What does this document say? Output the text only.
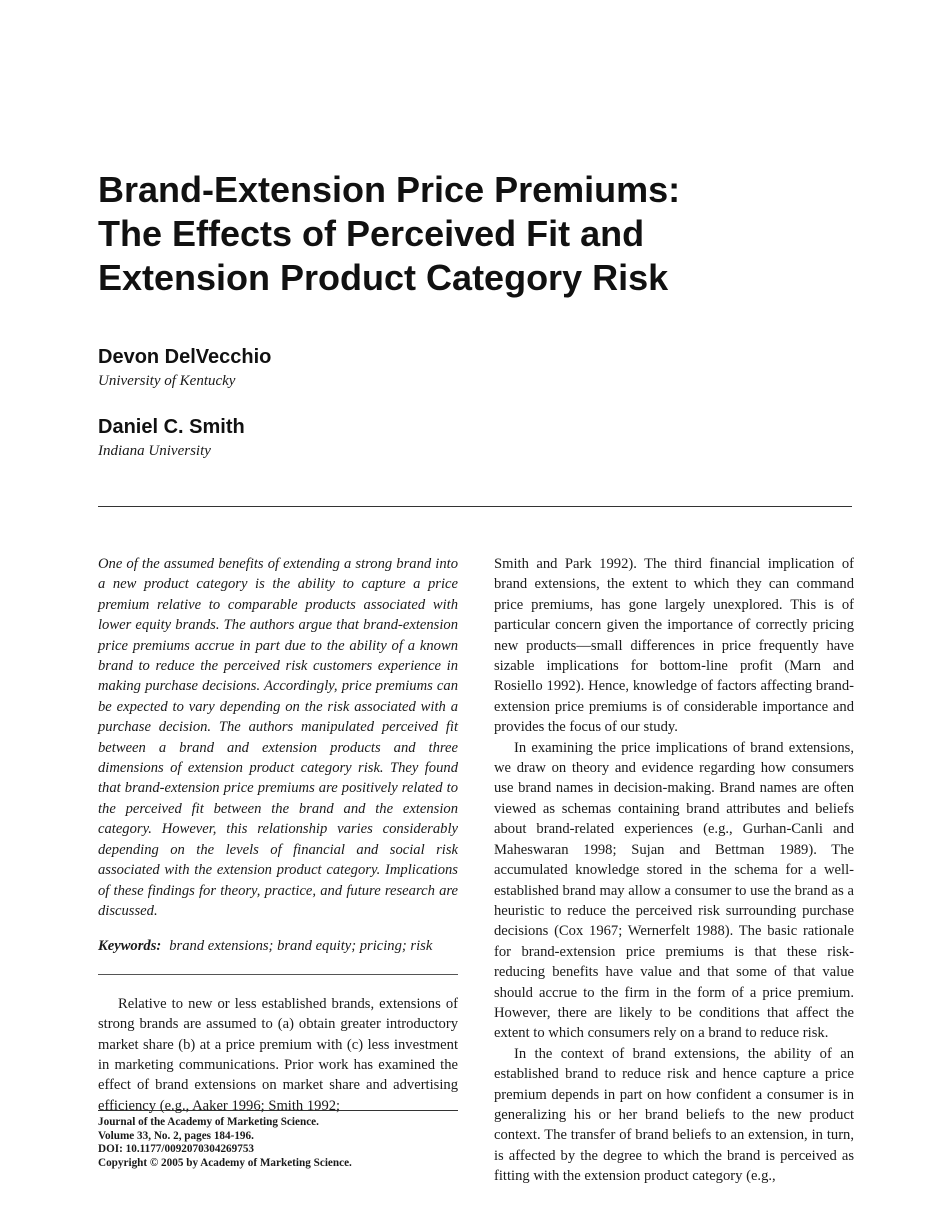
Brand-Extension Price Premiums:
The Effects of Perceived Fit and
Extension Product Category Risk
Devon DelVecchio
University of Kentucky
Daniel C. Smith
Indiana University

One of the assumed benefits of extending a strong brand into a new product category is the ability to capture a price premium relative to comparable products associated with lower equity brands. The authors argue that brand-extension price premiums accrue in part due to the ability of a known brand to reduce the perceived risk customers experience in making purchase decisions. Accordingly, price premiums can be expected to vary depending on the risk associated with a purchase decision. The authors manipulated perceived fit between a brand and extension products and three dimensions of extension product category risk. They found that brand-extension price premiums are positively related to the perceived fit between the brand and the extension category. However, this relationship varies considerably depending on the levels of financial and social risk associated with the extension product category. Implications of these findings for theory, practice, and future research are discussed.

Keywords: brand extensions; brand equity; pricing; risk

Relative to new or less established brands, extensions of strong brands are assumed to (a) obtain greater introductory market share (b) at a price premium with (c) less investment in marketing communications. Prior work has examined the effect of brand extensions on market share and advertising efficiency (e.g., Aaker 1996; Smith 1992;

Smith and Park 1992). The third financial implication of brand extensions, the extent to which they can command price premiums, has gone largely unexplored. This is of particular concern given the importance of correctly pricing new products—small differences in price frequently have sizable implications for bottom-line profit (Marn and Rosiello 1992). Hence, knowledge of factors affecting brand-extension price premiums is of considerable importance and provides the focus of our study.

In examining the price implications of brand extensions, we draw on theory and evidence regarding how consumers use brand names in decision-making. Brand names are often viewed as schemas containing brand attributes and beliefs about brand-related experiences (e.g., Gurhan-Canli and Maheswaran 1998; Sujan and Bettman 1989). The accumulated knowledge stored in the schema for a well-established brand may allow a consumer to use the brand as a heuristic to reduce the perceived risk surrounding purchase decisions (Cox 1967; Wernerfelt 1988). The basic rationale for brand-extension price premiums is that these risk-reducing benefits have value and that some of that value should accrue to the firm in the form of a price premium. However, there are likely to be conditions that affect the extent to which consumers rely on a brand to reduce risk.

In the context of brand extensions, the ability of an established brand to reduce risk and hence capture a price premium depends in part on how confident a consumer is in generalizing his or her brand beliefs to the new product context. The transfer of brand beliefs to an extension, in turn, is affected by the degree to which the brand is perceived as fitting with the extension product category (e.g.,

Journal of the Academy of Marketing Science.
Volume 33, No. 2, pages 184-196.
DOI: 10.1177/0092070304269753
Copyright © 2005 by Academy of Marketing Science.
